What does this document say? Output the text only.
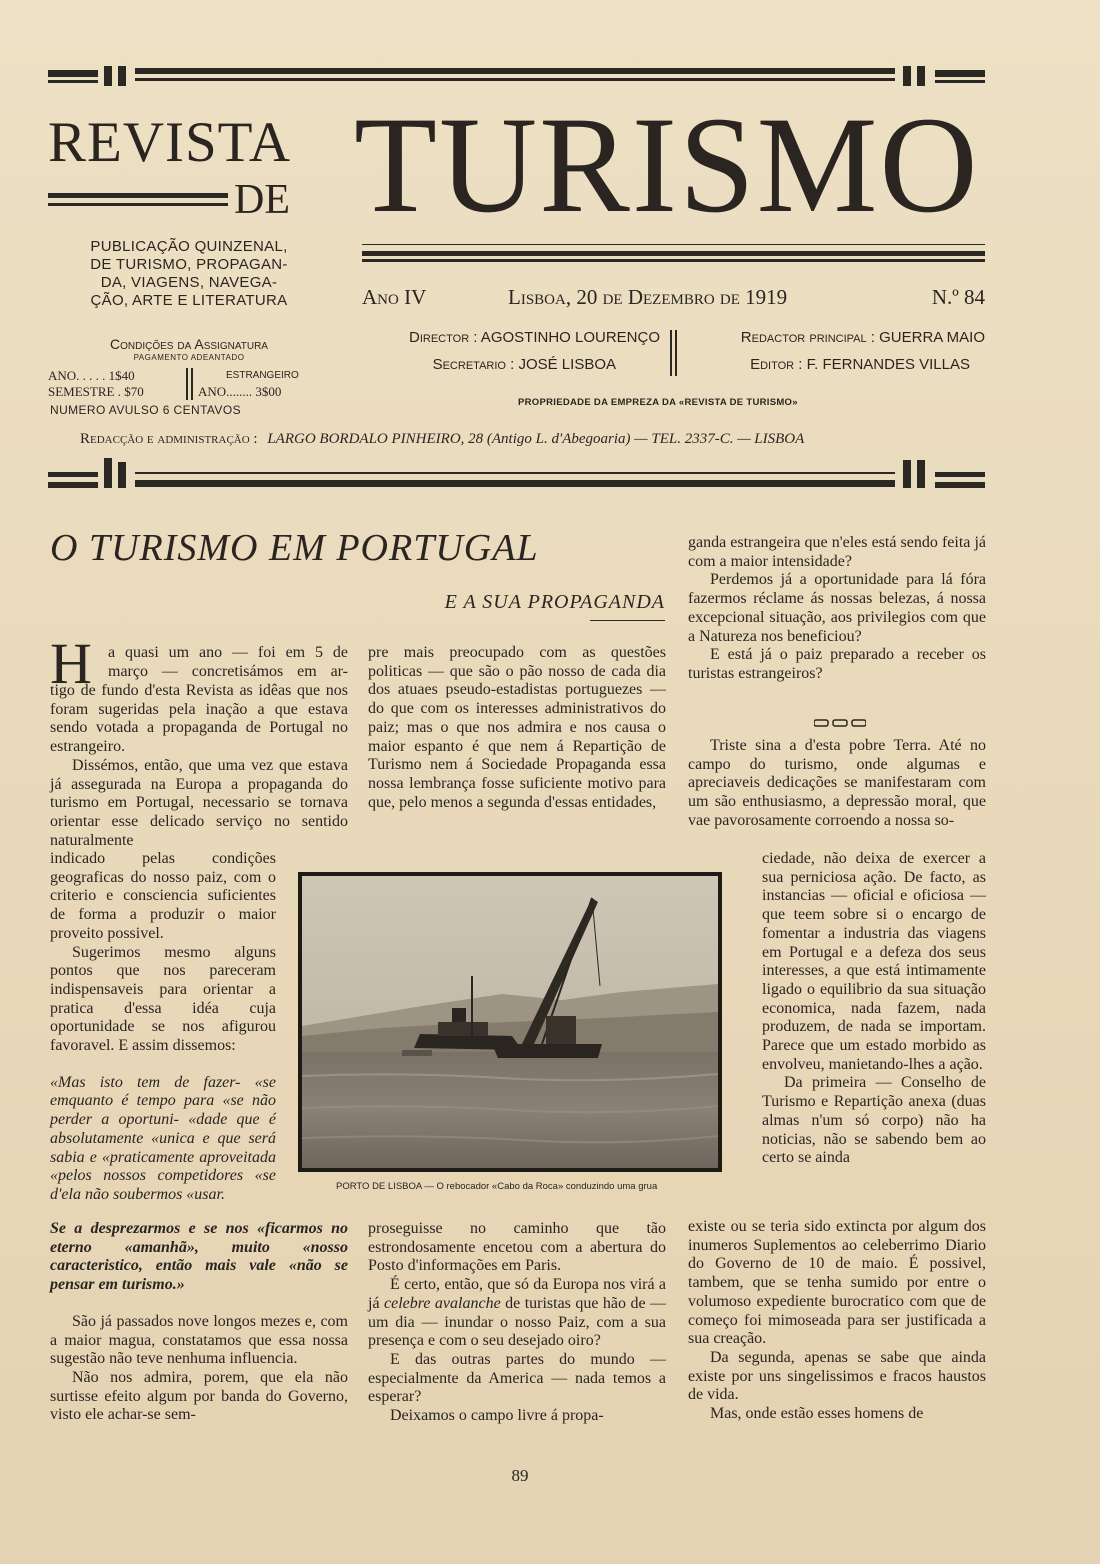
REVISTA
DE TURISMO
PUBLICAÇÃO QUINZENAL,
DE TURISMO, PROPAGAN-
DA, VIAGENS, NAVEGA-
ÇÃO, ARTE E LITERATURA
Condições da Assignatura
PAGAMENTO ADEANTADO
ANO. . . . . 1$40
SEMESTRE . $70
ESTRANGEIRO
ANO........ 3$00
NUMERO AVULSO 6 CENTAVOS
Ano IV	Lisboa, 20 de Dezembro de 1919	N.º 84
Director : AGOSTINHO LOURENÇO
Secretario : JOSÉ LISBOA
Redactor principal : GUERRA MAIO
Editor : F. FERNANDES VILLAS
PROPRIEDADE DA EMPREZA DA «REVISTA DE TURISMO»
Redacção e administração : LARGO BORDALO PINHEIRO, 28 (Antigo L. d'Abegoaria) — TEL. 2337-C. — LISBOA
O TURISMO EM PORTUGAL
E A SUA PROPAGANDA
H a quasi um ano — foi em 5 de

março — concretisámos em ar-

tigo de fundo d'esta Revista as idêas que nos foram sugeridas pela inação a que estava sendo votada a propaganda de Portugal no estrangeiro.

Dissémos, então, que uma vez que estava já assegurada na Europa a propaganda do turismo em Portugal, necessario se tornava orientar esse delicado serviço no sentido naturalmente

indicado pelas condições geograficas do nosso paiz, com o criterio e consciencia suficientes de forma a produzir o maior proveito possivel.

Sugerimos mesmo alguns pontos que nos pareceram indispensaveis para orientar a pratica d'essa idéa cuja oportunidade se nos afigurou favoravel. E assim dissemos:

«Mas isto tem de fazer- «se emquanto é tempo para «se não perder a oportuni- «dade que é absolutamente «unica e que será sabia e «praticamente aproveitada «pelos nossos competidores «se d'ela não soubermos «usar.

Se a desprezarmos e se nos «ficarmos no eterno «amanhã», muito «nosso caracteristico, então mais vale «não se pensar em turismo.»

São já passados nove longos mezes e, com a maior magua, constatamos que essa nossa sugestão não teve nenhuma influencia.

Não nos admira, porem, que ela não surtisse efeito algum por banda do Governo, visto ele achar-se sem-

pre mais preocupado com as questões politicas — que são o pão nosso de cada dia dos atuaes pseudo-estadistas portuguezes — do que com os interesses administrativos do paiz; mas o que nos admira e nos causa o maior espanto é que nem á Repartição de Turismo nem á Sociedade Propaganda essa nossa lembrança fosse suficiente motivo para que, pelo menos a segunda d'essas entidades,

proseguisse no caminho que tão estrondosamente encetou com a abertura do Posto d'informações em Paris.

É certo, então, que só da Europa nos virá a já celebre avalanche de turistas que hão de — um dia — inundar o nosso Paiz, com a sua presença e com o seu desejado oiro?

E das outras partes do mundo — especialmente da America — nada temos a esperar?

Deixamos o campo livre á propa-

PORTO DE LISBOA — O rebocador «Cabo da Roca» conduzindo uma grua

ganda estrangeira que n'eles está sendo feita já com a maior intensidade?

Perdemos já a oportunidade para lá fóra fazermos réclame ás nossas belezas, á nossa excepcional situação, aos privilegios com que a Natureza nos beneficiou?

E está já o paiz preparado a receber os turistas estrangeiros?

Triste sina a d'esta pobre Terra. Até no campo do turismo, onde algumas e apreciaveis dedicações se manifestaram com um são enthusiasmo, a depressão moral, que vae pavorosamente corroendo a nossa so-

ciedade, não deixa de exercer a sua perniciosa ação. De facto, as instancias — oficial e oficiosa — que teem sobre si o encargo de fomentar a industria das viagens em Portugal e a defeza dos seus interesses, a que está intimamente ligado o equilibrio da sua situação economica, nada fazem, nada produzem, de nada se importam. Parece que um estado morbido as envolveu, manietando-lhes a ação.

Da primeira — Conselho de Turismo e Repartição anexa (duas almas n'um só corpo) não ha noticias, não se sabendo bem ao certo se ainda

existe ou se teria sido extincta por algum dos inumeros Suplementos ao celeberrimo Diario do Governo de 10 de maio. É possivel, tambem, que se tenha sumido por entre o volumoso expediente burocratico com que de começo foi mimoseada para ser justificada a sua creação.

Da segunda, apenas se sabe que ainda existe por uns singelissimos e fracos haustos de vida.

Mas, onde estão esses homens de

89
